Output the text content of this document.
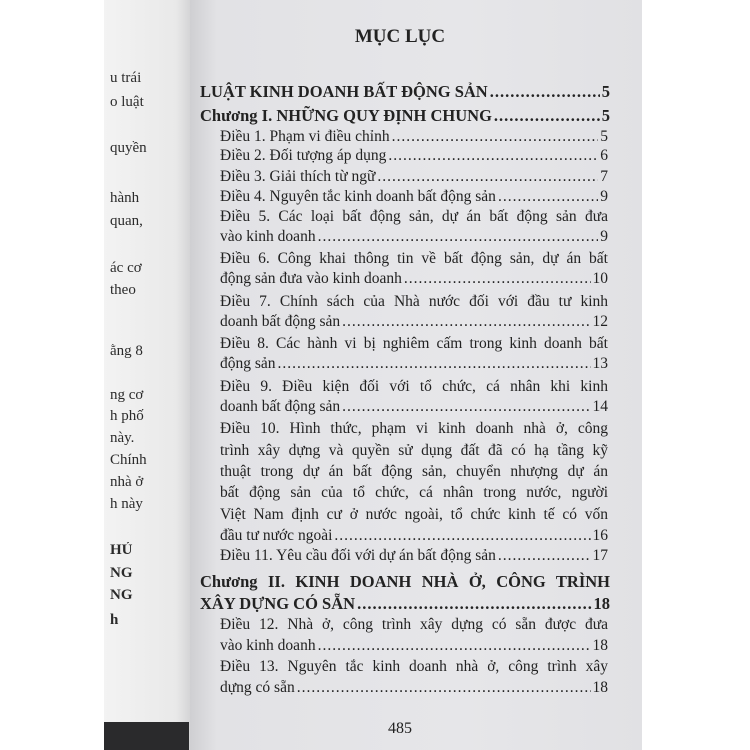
u trái
o luật
quyền
hành
quan,
ác cơ
theo
ằng 8
ng cơ
h phố
này.
Chính
nhà ở
h này
HỦ
NG
NG
h
MỤC LỤC
LUẬT KINH DOANH BẤT ĐỘNG SẢN .....	5
Chương I. NHỮNG QUY ĐỊNH CHUNG .....	5
Điều 1. Phạm vi điều chỉnh .....	5
Điều 2. Đối tượng áp dụng .....	6
Điều 3. Giải thích từ ngữ .....	7
Điều 4. Nguyên tắc kinh doanh bất động sản .....	9
Điều 5. Các loại bất động sản, dự án bất động sản đưa
vào kinh doanh .....	9
Điều 6. Công khai thông tin về bất động sản, dự án bất
động sản đưa vào kinh doanh .....	10
Điều 7. Chính sách của Nhà nước đối với đầu tư kinh
doanh bất động sản .....	12
Điều 8. Các hành vi bị nghiêm cấm trong kinh doanh bất
động sản .....	13
Điều 9. Điều kiện đối với tổ chức, cá nhân khi kinh
doanh bất động sản .....	14
Điều 10. Hình thức, phạm vi kinh doanh nhà ở, công
trình xây dựng và quyền sử dụng đất đã có hạ tầng kỹ
thuật trong dự án bất động sản, chuyển nhượng dự án
bất động sản của tổ chức, cá nhân trong nước, người
Việt Nam định cư ở nước ngoài, tổ chức kinh tế có vốn
đầu tư nước ngoài .....	16
Điều 11. Yêu cầu đối với dự án bất động sản .....	17
Chương II. KINH DOANH NHÀ Ở, CÔNG TRÌNH
XÂY DỰNG CÓ SẴN .....	18
Điều 12. Nhà ở, công trình xây dựng có sẵn được đưa
vào kinh doanh .....	18
Điều 13. Nguyên tắc kinh doanh nhà ở, công trình xây
dựng có sẵn .....	18
485
